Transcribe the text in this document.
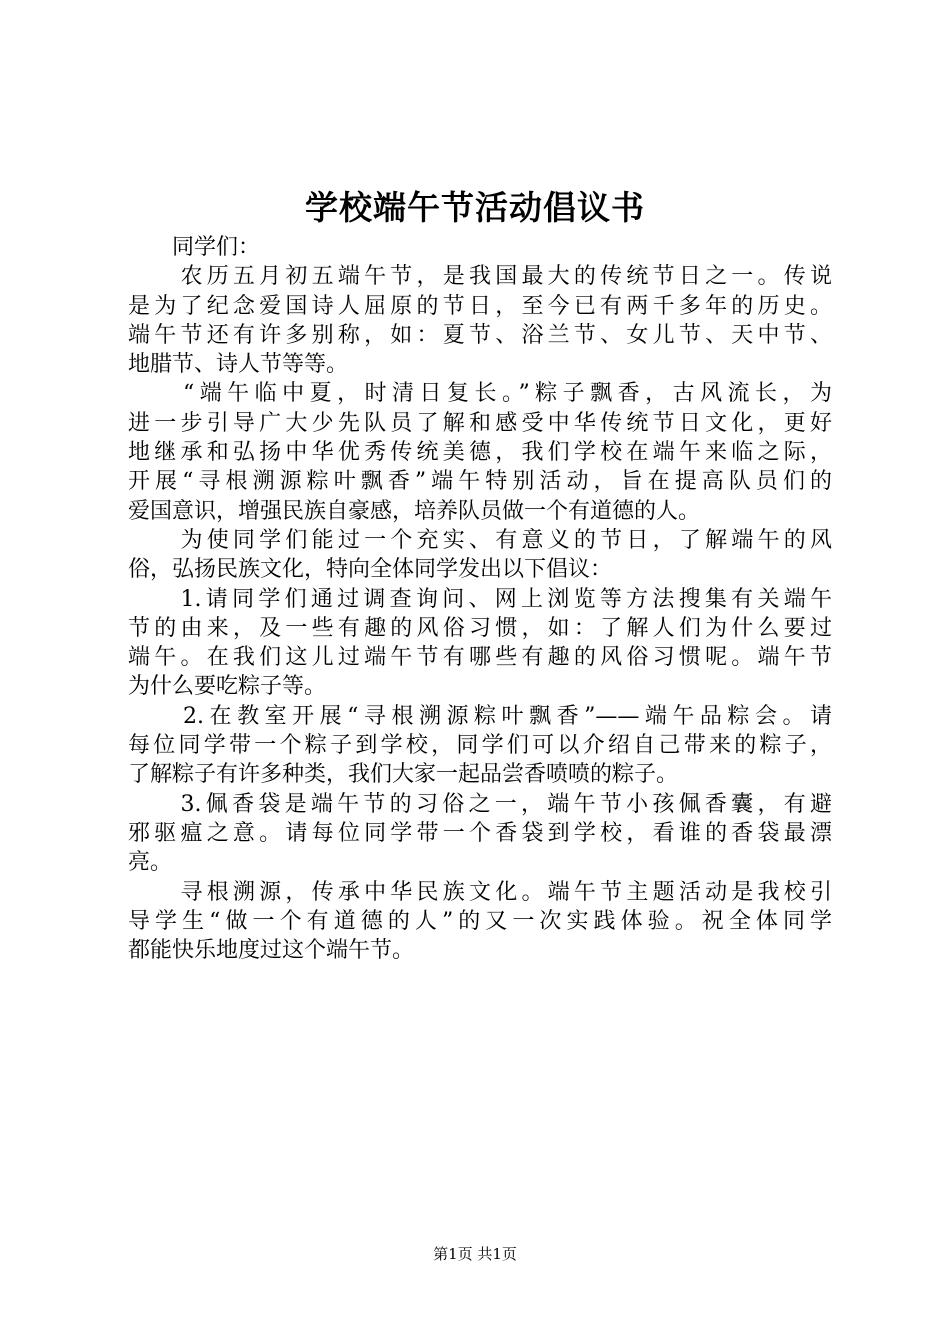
学校端午节活动倡议书
　　同学们：
　　农历五月初五端午节，是我国最大的传统节日之一。传说
是为了纪念爱国诗人屈原的节日，至今已有两千多年的历史。
端午节还有许多别称，如：夏节、浴兰节、女儿节、天中节、
地腊节、诗人节等等。
　　“端午临中夏，时清日复长。”粽子飘香，古风流长，为
进一步引导广大少先队员了解和感受中华传统节日文化，更好
地继承和弘扬中华优秀传统美德，我们学校在端午来临之际，
开展“寻根溯源粽叶飘香”端午特别活动，旨在提高队员们的
爱国意识，增强民族自豪感，培养队员做一个有道德的人。
　　为使同学们能过一个充实、有意义的节日，了解端午的风
俗，弘扬民族文化，特向全体同学发出以下倡议：
　　1.请同学们通过调查询问、网上浏览等方法搜集有关端午
节的由来，及一些有趣的风俗习惯，如：了解人们为什么要过
端午。在我们这儿过端午节有哪些有趣的风俗习惯呢。端午节
为什么要吃粽子等。
　　2.在教室开展“寻根溯源粽叶飘香”——端午品粽会。请
每位同学带一个粽子到学校，同学们可以介绍自己带来的粽子，
了解粽子有许多种类，我们大家一起品尝香喷喷的粽子。
　　3.佩香袋是端午节的习俗之一，端午节小孩佩香囊，有避
邪驱瘟之意。请每位同学带一个香袋到学校，看谁的香袋最漂
亮。
　　寻根溯源，传承中华民族文化。端午节主题活动是我校引
导学生“做一个有道德的人”的又一次实践体验。祝全体同学
都能快乐地度过这个端午节。
第1页 共1页
